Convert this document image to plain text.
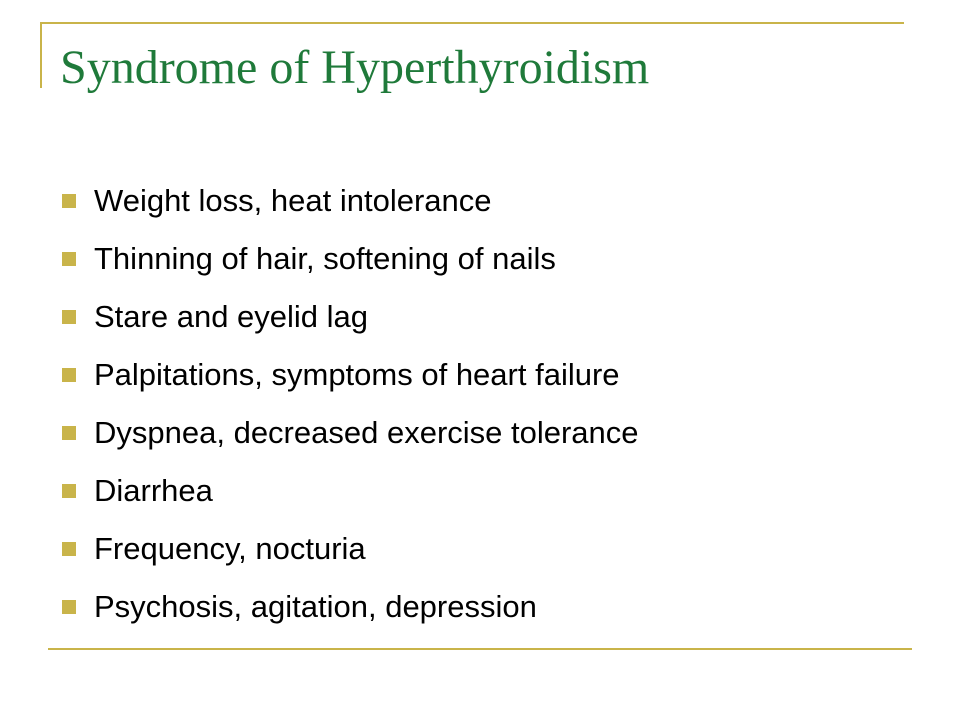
Syndrome of Hyperthyroidism
Weight loss, heat intolerance
Thinning of hair, softening of nails
Stare and eyelid lag
Palpitations, symptoms of heart failure
Dyspnea, decreased exercise tolerance
Diarrhea
Frequency, nocturia
Psychosis, agitation, depression
